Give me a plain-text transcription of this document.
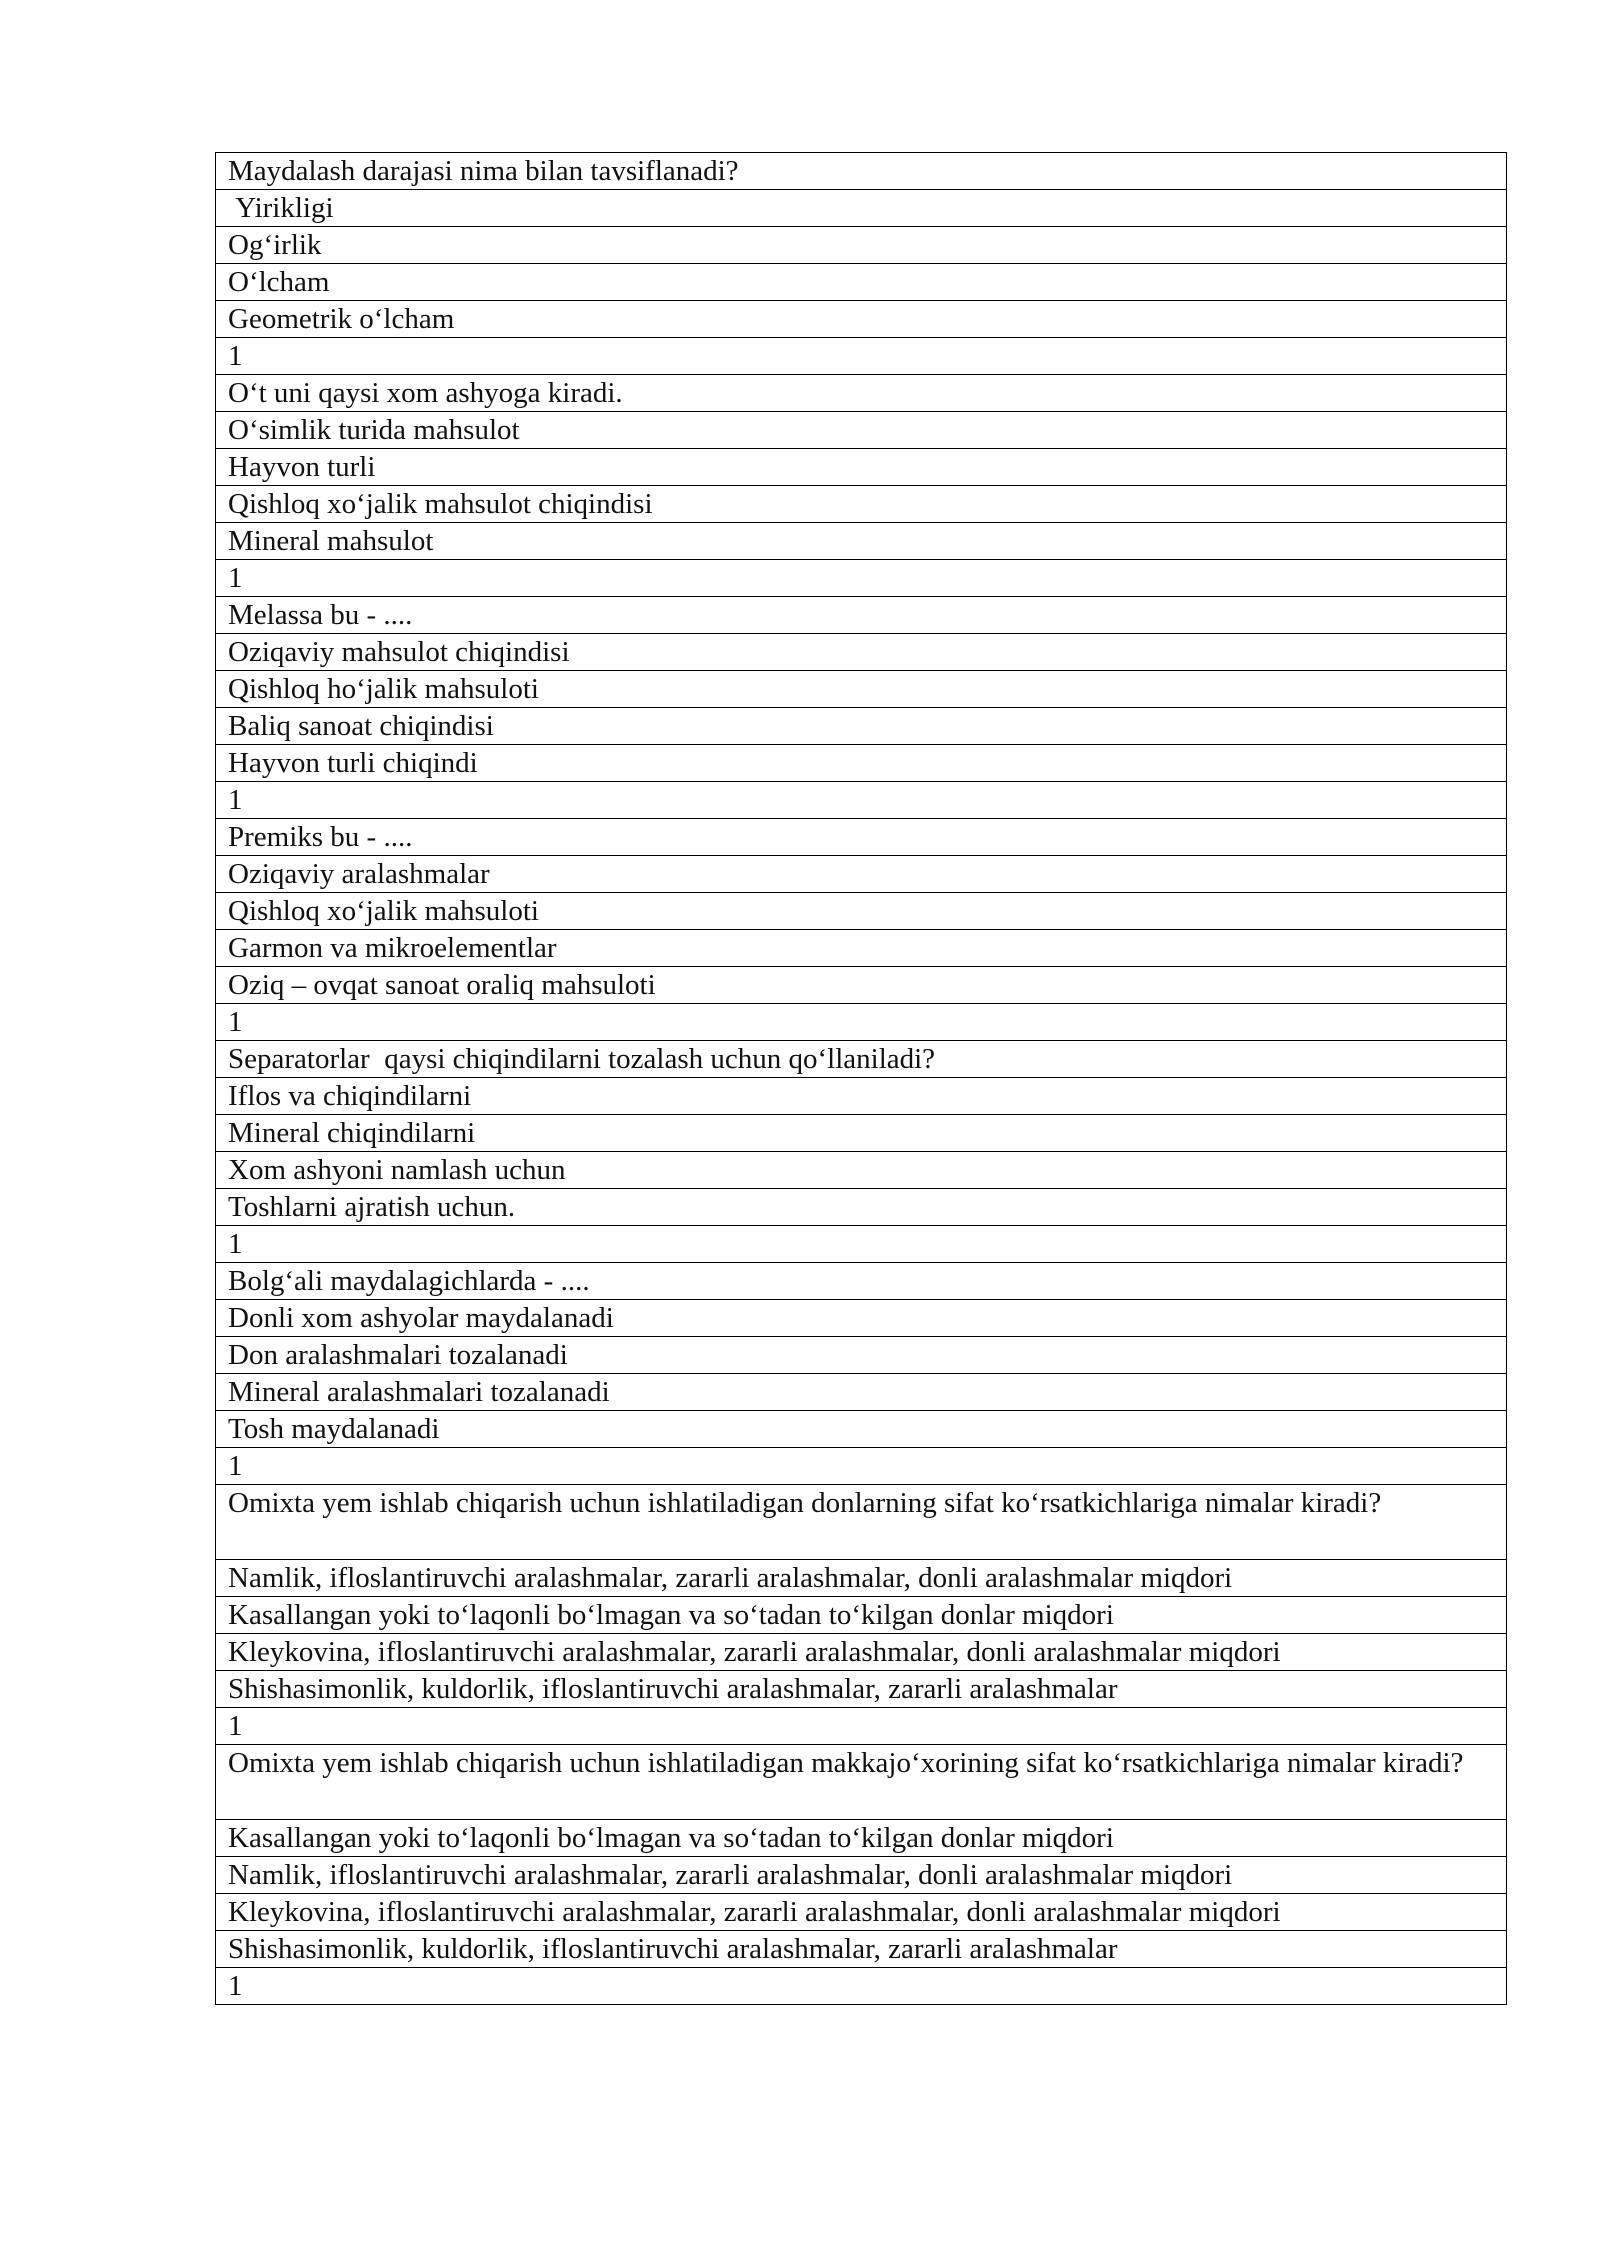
Maydalash darajasi nima bilan tavsiflanadi?
Yirikligi
Og‘irlik
O‘lcham
Geometrik o‘lcham
1
O‘t uni qaysi xom ashyoga kiradi.
O‘simlik turida mahsulot
Hayvon turli
Qishloq xo‘jalik mahsulot chiqindisi
Mineral mahsulot
1
Melassa bu - ....
Oziqaviy mahsulot chiqindisi
Qishloq ho‘jalik mahsuloti
Baliq sanoat chiqindisi
Hayvon turli chiqindi
1
Premiks bu - ....
Oziqaviy aralashmalar
Qishloq xo‘jalik mahsuloti
Garmon va mikroelementlar
Oziq – ovqat sanoat oraliq mahsuloti
1
Separatorlar  qaysi chiqindilarni tozalash uchun qo‘llaniladi?
Iflos va chiqindilarni
Mineral chiqindilarni
Xom ashyoni namlash uchun
Toshlarni ajratish uchun.
1
Bolg‘ali maydalagichlarda - ....
Donli xom ashyolar maydalanadi
Don aralashmalari tozalanadi
Mineral aralashmalari tozalanadi
Tosh maydalanadi
1
Omixta yem ishlab chiqarish uchun ishlatiladigan donlarning sifat ko‘rsatkichlariga nimalar kiradi?
Namlik, ifloslantiruvchi aralashmalar, zararli aralashmalar, donli aralashmalar miqdori
Kasallangan yoki to‘laqonli bo‘lmagan va so‘tadan to‘kilgan donlar miqdori
Kleykovina, ifloslantiruvchi aralashmalar, zararli aralashmalar, donli aralashmalar miqdori
Shishasimonlik, kuldorlik, ifloslantiruvchi aralashmalar, zararli aralashmalar
1
Omixta yem ishlab chiqarish uchun ishlatiladigan makkajo‘xorining sifat ko‘rsatkichlariga nimalar kiradi?
Kasallangan yoki to‘laqonli bo‘lmagan va so‘tadan to‘kilgan donlar miqdori
Namlik, ifloslantiruvchi aralashmalar, zararli aralashmalar, donli aralashmalar miqdori
Kleykovina, ifloslantiruvchi aralashmalar, zararli aralashmalar, donli aralashmalar miqdori
Shishasimonlik, kuldorlik, ifloslantiruvchi aralashmalar, zararli aralashmalar
1
